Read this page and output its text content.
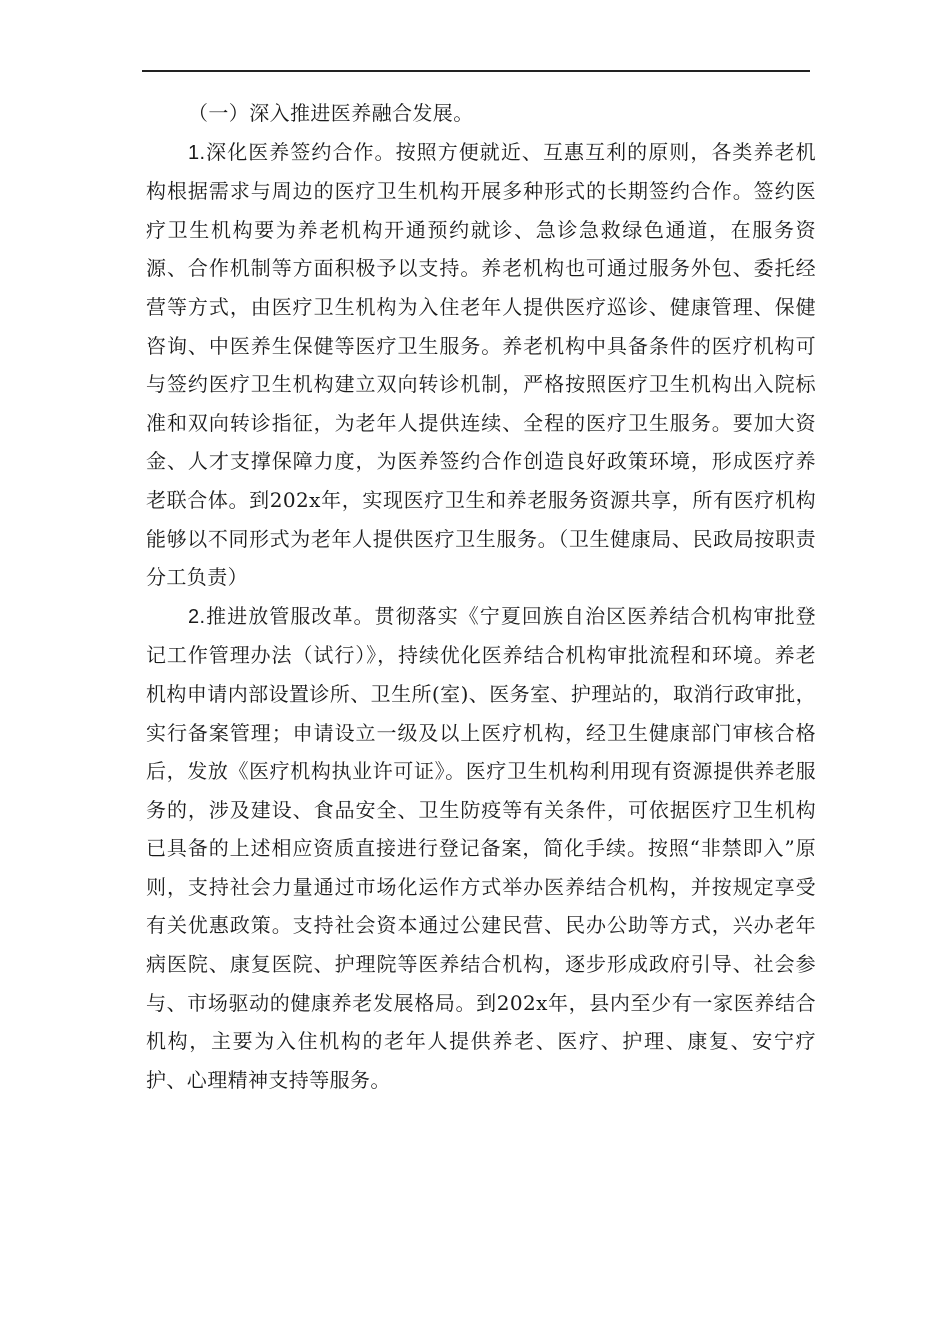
（一）深入推进医养融合发展。

1.深化医养签约合作。按照方便就近、互惠互利的原则，各类养老机构根据需求与周边的医疗卫生机构开展多种形式的长期签约合作。签约医疗卫生机构要为养老机构开通预约就诊、急诊急救绿色通道，在服务资源、合作机制等方面积极予以支持。养老机构也可通过服务外包、委托经营等方式，由医疗卫生机构为入住老年人提供医疗巡诊、健康管理、保健咨询、中医养生保健等医疗卫生服务。养老机构中具备条件的医疗机构可与签约医疗卫生机构建立双向转诊机制，严格按照医疗卫生机构出入院标准和双向转诊指征，为老年人提供连续、全程的医疗卫生服务。要加大资金、人才支撑保障力度，为医养签约合作创造良好政策环境，形成医疗养老联合体。到202x年，实现医疗卫生和养老服务资源共享，所有医疗机构能够以不同形式为老年人提供医疗卫生服务。（卫生健康局、民政局按职责分工负责）

2.推进放管服改革。贯彻落实《宁夏回族自治区医养结合机构审批登记工作管理办法（试行）》，持续优化医养结合机构审批流程和环境。养老机构申请内部设置诊所、卫生所(室)、医务室、护理站的，取消行政审批，实行备案管理；申请设立一级及以上医疗机构，经卫生健康部门审核合格后，发放《医疗机构执业许可证》。医疗卫生机构利用现有资源提供养老服务的，涉及建设、食品安全、卫生防疫等有关条件，可依据医疗卫生机构已具备的上述相应资质直接进行登记备案，简化手续。按照“非禁即入”原则，支持社会力量通过市场化运作方式举办医养结合机构，并按规定享受有关优惠政策。支持社会资本通过公建民营、民办公助等方式，兴办老年病医院、康复医院、护理院等医养结合机构，逐步形成政府引导、社会参与、市场驱动的健康养老发展格局。到202x年，县内至少有一家医养结合机构，主要为入住机构的老年人提供养老、医疗、护理、康复、安宁疗护、心理精神支持等服务。
